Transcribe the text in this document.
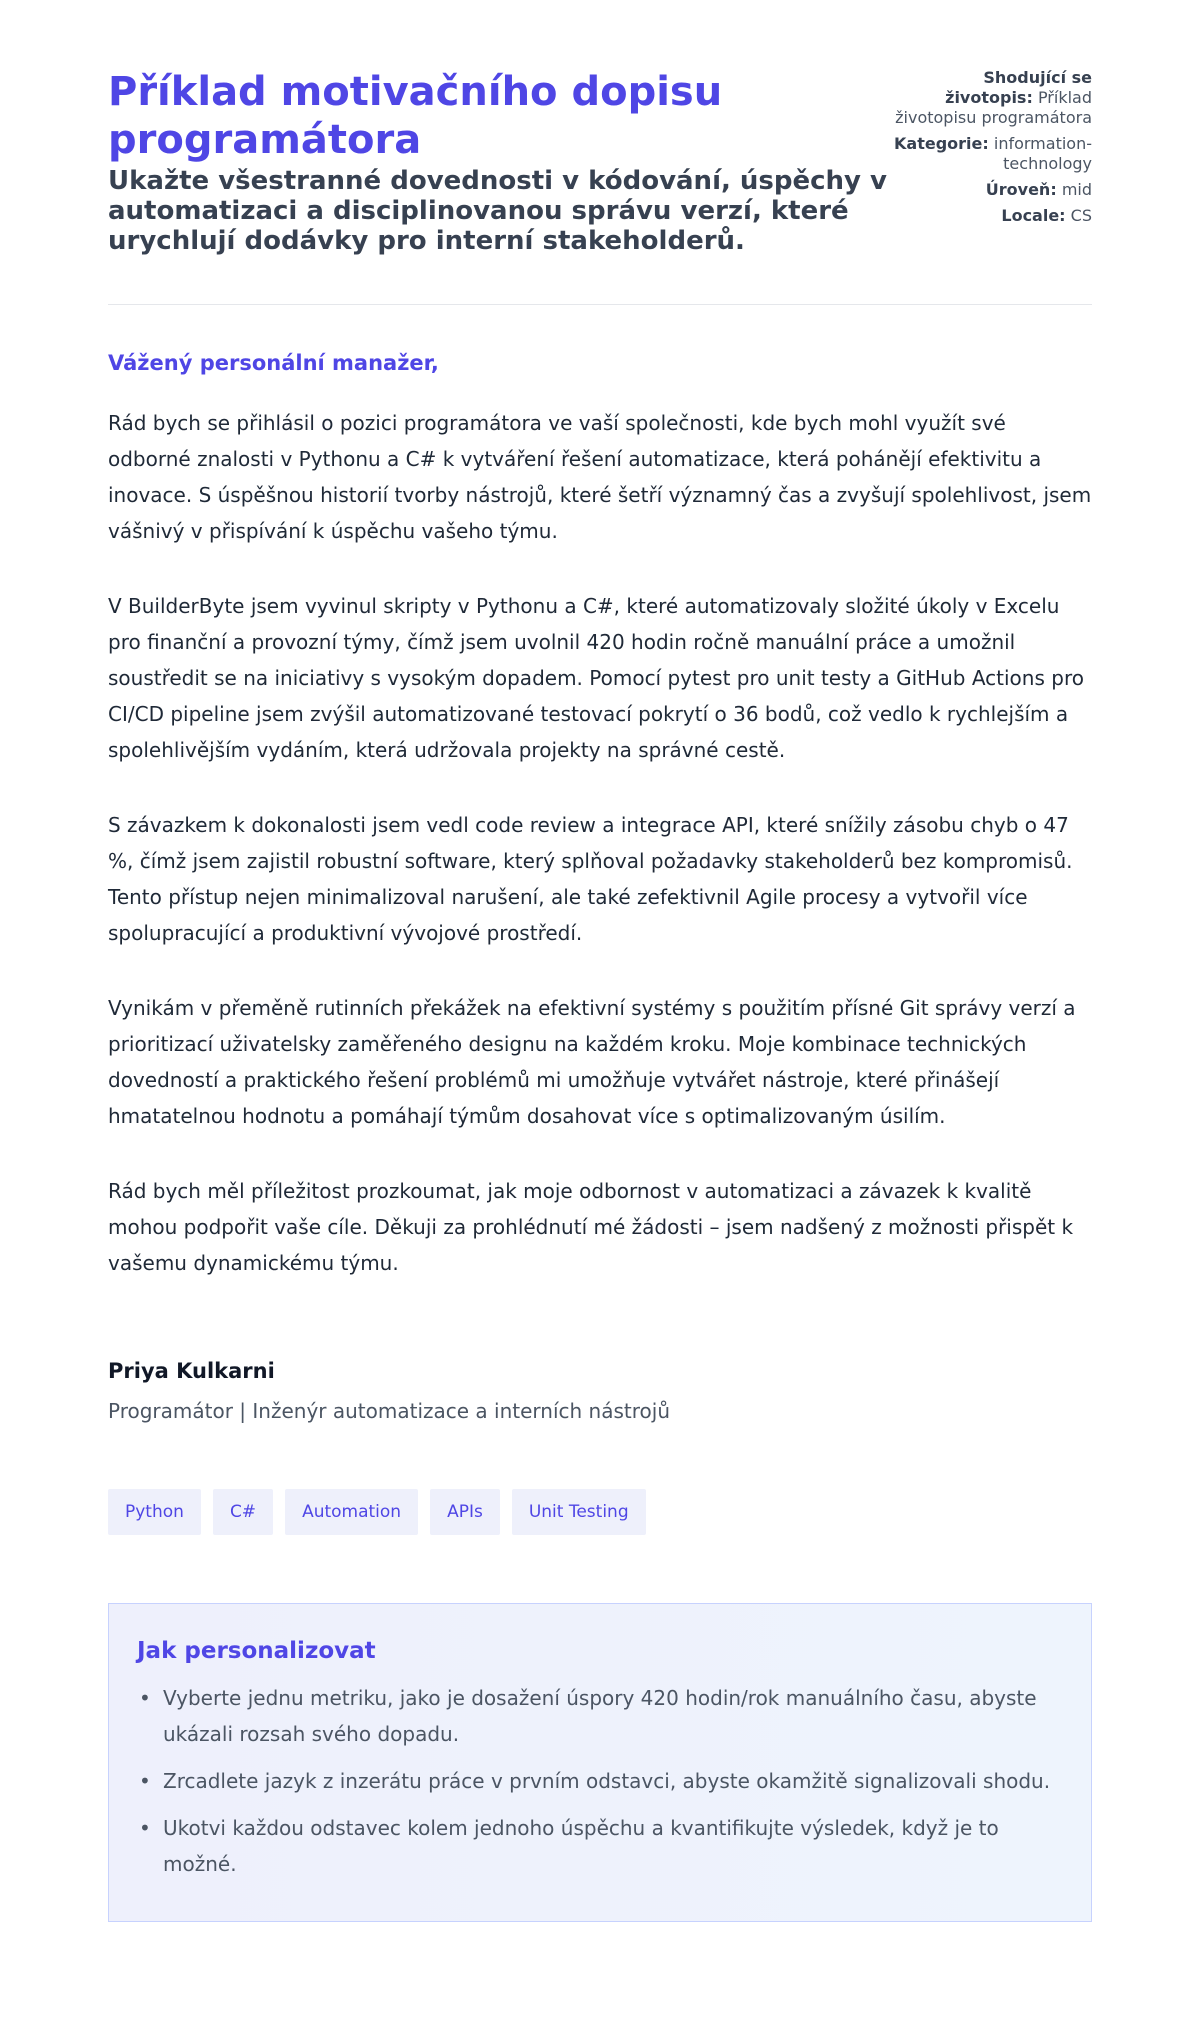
Příklad motivačního dopisu programátora
Ukažte všestranné dovednosti v kódování, úspěchy v automatizaci a disciplinovanou správu verzí, které urychlují dodávky pro interní stakeholderů.
Shodující se životopis: Příklad životopisu programátora
Kategorie: information-technology
Úroveň: mid
Locale: CS

Vážený personální manažer,

Rád bych se přihlásil o pozici programátora ve vaší společnosti, kde bych mohl využít své odborné znalosti v Pythonu a C# k vytváření řešení automatizace, která pohánějí efektivitu a inovace. S úspěšnou historií tvorby nástrojů, které šetří významný čas a zvyšují spolehlivost, jsem vášnivý v přispívání k úspěchu vašeho týmu.

V BuilderByte jsem vyvinul skripty v Pythonu a C#, které automatizovaly složité úkoly v Excelu pro finanční a provozní týmy, čímž jsem uvolnil 420 hodin ročně manuální práce a umožnil soustředit se na iniciativy s vysokým dopadem. Pomocí pytest pro unit testy a GitHub Actions pro CI/CD pipeline jsem zvýšil automatizované testovací pokrytí o 36 bodů, což vedlo k rychlejším a spolehlivějším vydáním, která udržovala projekty na správné cestě.

S závazkem k dokonalosti jsem vedl code review a integrace API, které snížily zásobu chyb o 47 %, čímž jsem zajistil robustní software, který splňoval požadavky stakeholderů bez kompromisů. Tento přístup nejen minimalizoval narušení, ale také zefektivnil Agile procesy a vytvořil více spolupracující a produktivní vývojové prostředí.

Vynikám v přeměně rutinních překážek na efektivní systémy s použitím přísné Git správy verzí a prioritizací uživatelsky zaměřeného designu na každém kroku. Moje kombinace technických dovedností a praktického řešení problémů mi umožňuje vytvářet nástroje, které přinášejí hmatatelnou hodnotu a pomáhají týmům dosahovat více s optimalizovaným úsilím.

Rád bych měl příležitost prozkoumat, jak moje odbornost v automatizaci a závazek k kvalitě mohou podpořit vaše cíle. Děkuji za prohlédnutí mé žádosti – jsem nadšený z možnosti přispět k vašemu dynamickému týmu.

Priya Kulkarni

Programátor | Inženýr automatizace a interních nástrojů

Python	C#	Automation	APIs	Unit Testing
Jak personalizovat
• Vyberte jednu metriku, jako je dosažení úspory 420 hodin/rok manuálního času, abyste ukázali rozsah svého dopadu.
• Zrcadlete jazyk z inzerátu práce v prvním odstavci, abyste okamžitě signalizovali shodu.
• Ukotvi každou odstavec kolem jednoho úspěchu a kvantifikujte výsledek, když je to možné.
